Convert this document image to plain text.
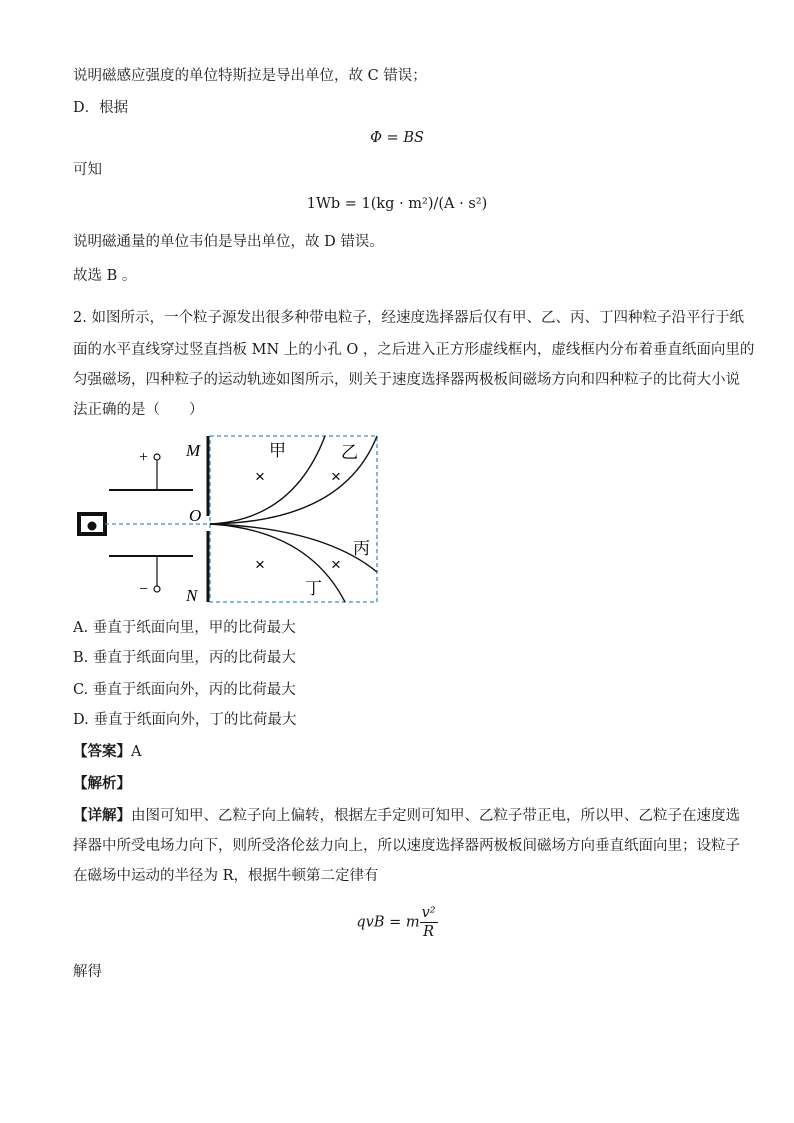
说明磁感应强度的单位特斯拉是导出单位，故 C 错误；
D．根据
Φ = BS
可知
1Wb = 1(kg · m²)/(A · s²)
说明磁通量的单位韦伯是导出单位，故 D 错误。
故选 B 。
2. 如图所示，一个粒子源发出很多种带电粒子，经速度选择器后仅有甲、乙、丙、丁四种粒子沿平行于纸
面的水平直线穿过竖直挡板 MN 上的小孔 O ，之后进入正方形虚线框内，虚线框内分布着垂直纸面向里的
匀强磁场，四种粒子的运动轨迹如图所示，则关于速度选择器两极板间磁场方向和四种粒子的比荷大小说
法正确的是（　　）
+
−
M
O
N
×	×
×	×
甲	乙
丙
丁
A. 垂直于纸面向里，甲的比荷最大
B. 垂直于纸面向里，丙的比荷最大
C. 垂直于纸面向外，丙的比荷最大
D. 垂直于纸面向外，丁的比荷最大
【答案】A
【解析】
【详解】由图可知甲、乙粒子向上偏转，根据左手定则可知甲、乙粒子带正电，所以甲、乙粒子在速度选
择器中所受电场力向下，则所受洛伦兹力向上，所以速度选择器两极板间磁场方向垂直纸面向里；设粒子
在磁场中运动的半径为 R，根据牛顿第二定律有
qvB = m $\frac{\text{v²}}{R}$
解得
